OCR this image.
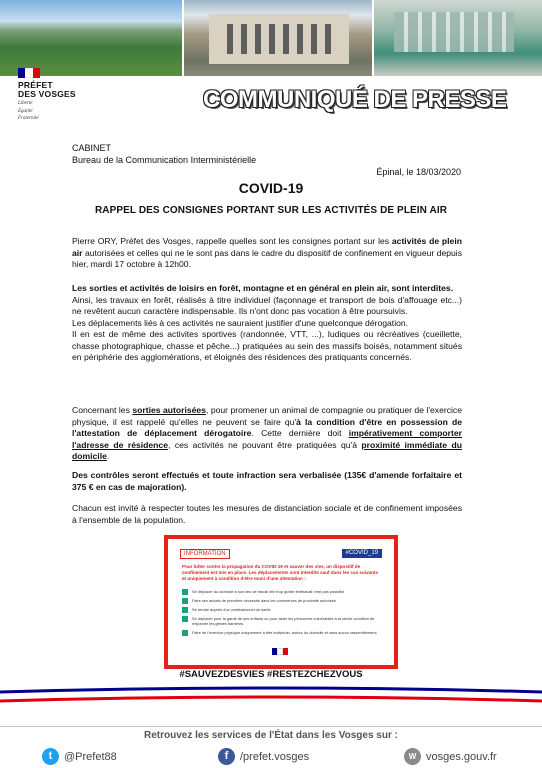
PRÉFET
DES VOSGES
Liberté
Égalité
Fraternité
COMMUNIQUÉ DE PRESSE
CABINET
Bureau de la Communication Interministérielle
Épinal, le 18/03/2020
COVID-19
RAPPEL DES CONSIGNES PORTANT SUR LES ACTIVITÉS DE PLEIN AIR
Pierre ORY, Préfet des Vosges, rappelle quelles sont les consignes portant sur les activités de plein air autorisées et celles qui ne le sont pas dans le cadre du dispositif de confinement en vigueur depuis hier, mardi 17 octobre à 12h00.
Les sorties et activités de loisirs en forêt, montagne et en général en plein air, sont interdites.
Ainsi, les travaux en forêt, réalisés à titre individuel (façonnage et transport de bois d'affouage etc...) ne revêtent aucun caractère indispensable. Ils n'ont donc pas vocation à être poursuivis.
Les déplacements liés à ces activités ne sauraient justifier d'une quelconque dérogation.
Il en est de même des activites sportives (randonnée, VTT, ...), ludiques ou récréatives (cueillette, chasse photographique, chasse et pêche...) pratiquées au sein des massifs boisés, notamment situés en périphérie des agglomérations, et éloignés des résidences des pratiquants concernés.
Concernant les sorties autorisées, pour promener un animal de compagnie ou pratiquer de l'exercice physique, il est rappelé qu'elles ne peuvent se faire qu'à la condition d'être en possession de l'attestation de déplacement dérogatoire. Cette dernière doit impérativement comporter l'adresse de résidence, ces activités ne pouvant être pratiquées qu'à proximité immédiate du domicile.
Des contrôles seront effectués et toute infraction sera verbalisée (135€ d'amende forfaitaire et 375 € en cas de majoration).
Chacun est invité à respecter toutes les mesures de distanciation sociale et de confinement imposées à l'ensemble de la population.
INFORMATION	#COVID_19
Pour lutter contre la propagation du COVID-19 et sauver des vies, un dispositif de confinement est mis en place. Les déplacements sont interdits sauf dans les cas suivants et uniquement à condition d'être muni d'une attestation :
Se déplacer du domicile à son lieu de travail elle trop quelle télétravail n'est pas possible
Faire ses achats de première nécessité dans les commerces de proximité autorisés
Se rendre auprès d'un professionnel de santé
Se déplacer pour la garde de ses enfants ou pour aider les personnes vulnérables à la stricte condition de respecter les gestes barrières
Faire de l'exercice physique uniquement à titre individuel, autour du domicile et sans aucun rassemblement
#SAUVEZDESVIES #RESTEZCHEZVOUS
Retrouvez les services de l'État dans les Vosges sur :
t	@Prefet88	f	/prefet.vosges	W vosges.gouv.fr
